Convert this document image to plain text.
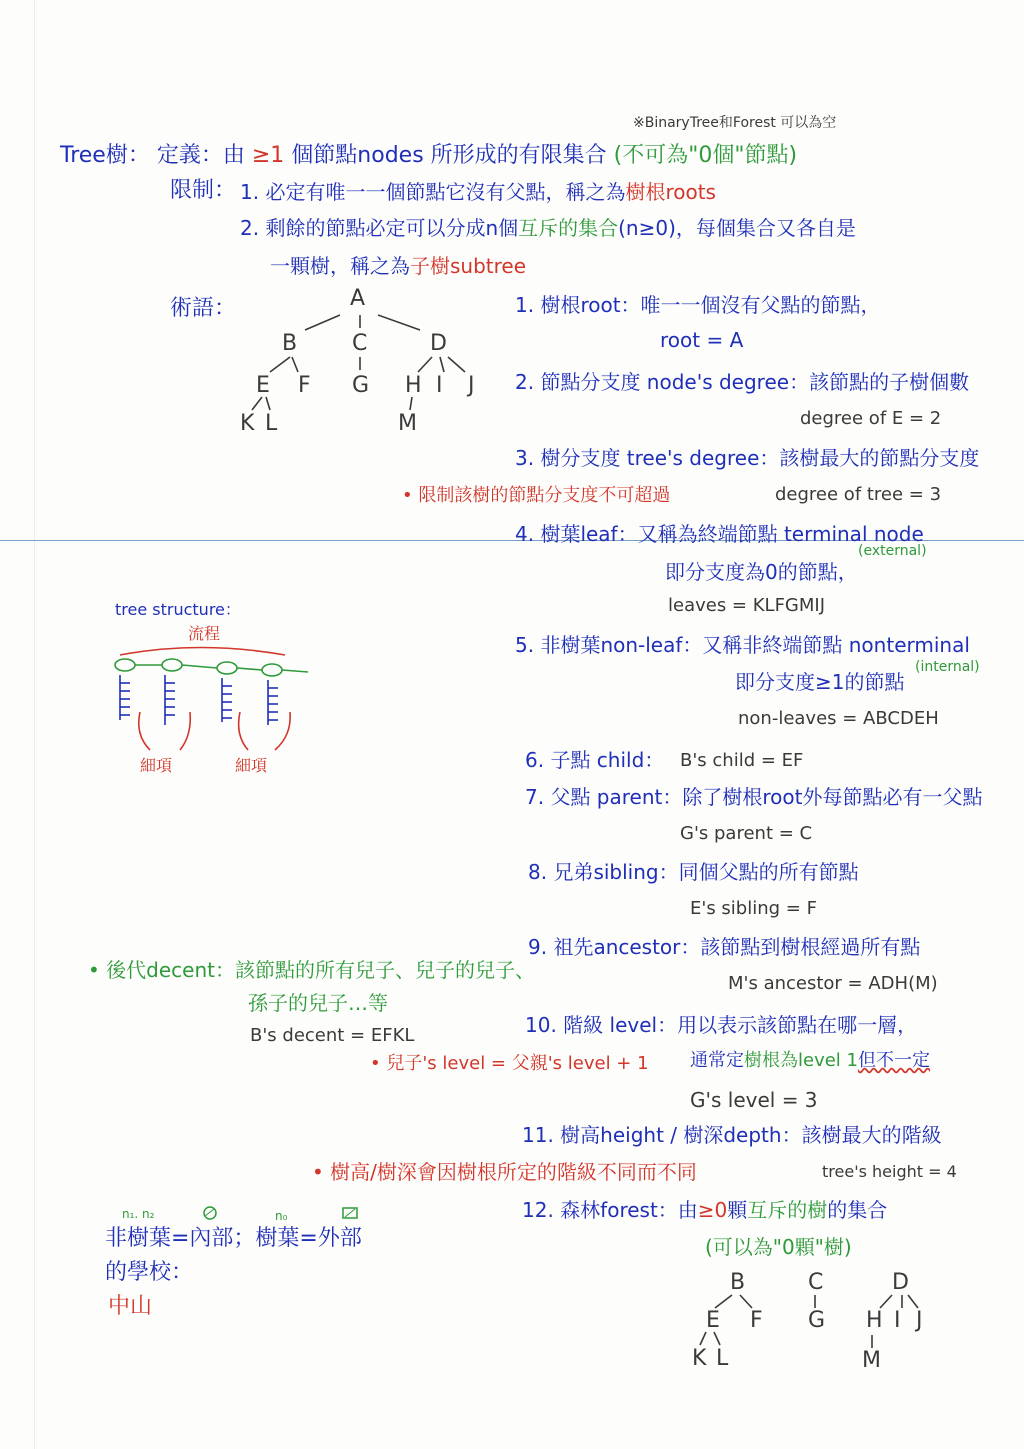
※BinaryTree和Forest 可以為空
Tree樹： 定義：由 ≥1 個節點nodes 所形成的有限集合 (不可為"0個"節點)
限制： 1. 必定有唯一一個節點它沒有父點，稱之為樹根roots
2. 剩餘的節點必定可以分成n個互斥的集合(n≥0)，每個集合又各自是
一顆樹，稱之為子樹subtree
術語：	A
B C	D
E F G H I J
K L	M
1. 樹根root：唯一一個沒有父點的節點，
root = A
2. 節點分支度 node's degree：該節點的子樹個數
degree of E = 2
3. 樹分支度 tree's degree：該樹最大的節點分支度
degree of tree = 3
• 限制該樹的節點分支度不可超過
4. 樹葉leaf：又稱為終端節點 terminal node
(external)
即分支度為0的節點，
leaves = KLFGMIJ
5. 非樹葉non-leaf：又稱非終端節點 nonterminal
(internal)
即分支度≥1的節點
non-leaves = ABCDEH
6. 子點 child： B's child = EF
7. 父點 parent：除了樹根root外每節點必有一父點
G's parent = C
8. 兄弟sibling：同個父點的所有節點
E's sibling = F
9. 祖先ancestor：該節點到樹根經過所有點
M's ancestor = ADH(M)
10. 階級 level：用以表示該節點在哪一層，
通常定樹根為level 1但不一定
G's level = 3
11. 樹高height / 樹深depth：該樹最大的階級
tree's height = 4
• 樹高/樹深會因樹根所定的階級不同而不同
12. 森林forest：由≥0顆互斥的樹的集合
(可以為"0顆"樹)
B	C	D
E F G H I J
K L	M
tree structure：
流程
細項	細項
• 後代decent：該節點的所有兒子、兒子的兒子、
孫子的兒子…等
B's decent = EFKL
• 兒子's level = 父親's level + 1
n₁. n₂	n₀
非樹葉=內部；樹葉=外部
的學校：
中山
